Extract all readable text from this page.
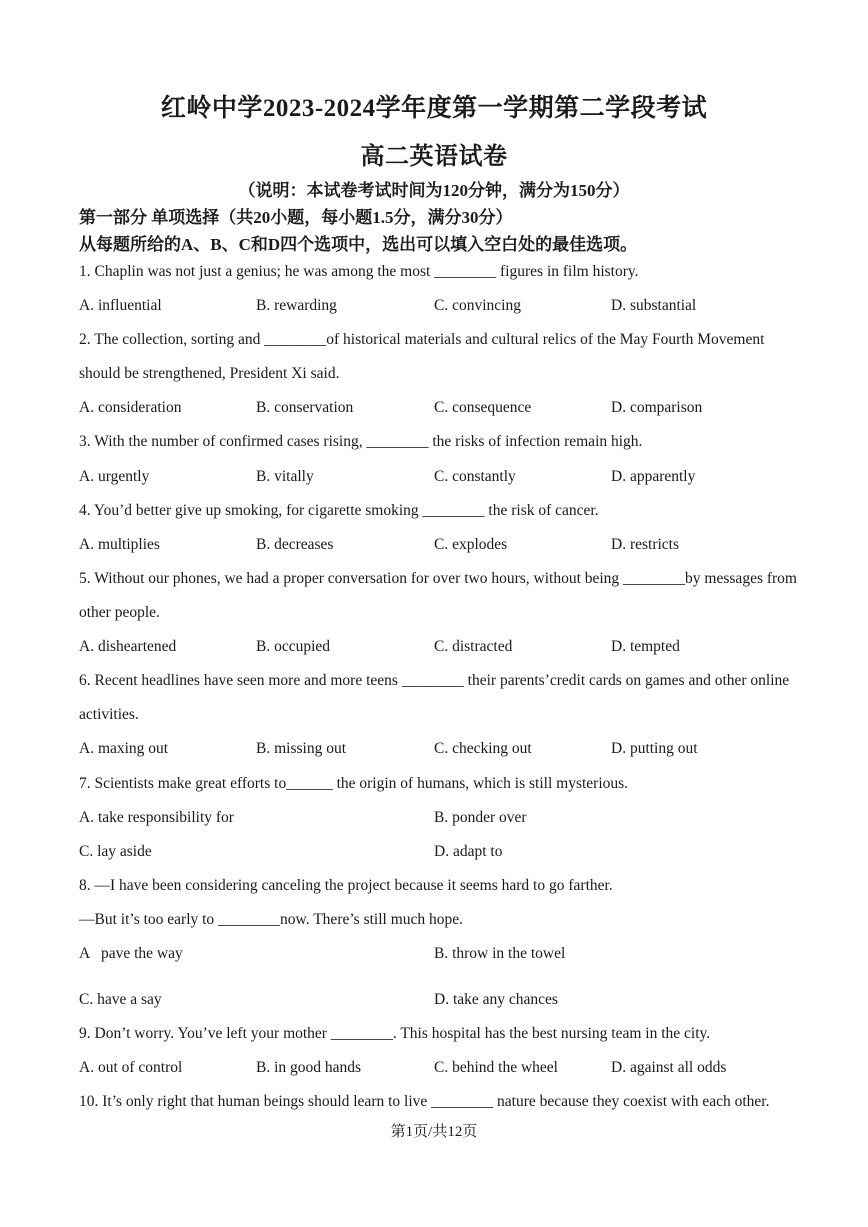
红岭中学2023-2024学年度第一学期第二学段考试
高二英语试卷
（说明：本试卷考试时间为120分钟，满分为150分）
第一部分 单项选择（共20小题，每小题1.5分，满分30分）
从每题所给的A、B、C和D四个选项中，选出可以填入空白处的最佳选项。
1. Chaplin was not just a genius; he was among the most ________ figures in film history.
A. influential	B. rewarding	C. convincing	D. substantial
2. The collection, sorting and ________of historical materials and cultural relics of the May Fourth Movement
should be strengthened, President Xi said.
A. consideration	B. conservation	C. consequence	D. comparison
3. With the number of confirmed cases rising, ________ the risks of infection remain high.
A. urgently	B. vitally	C. constantly	D. apparently
4. You’d better give up smoking, for cigarette smoking ________ the risk of cancer.
A. multiplies	B. decreases	C. explodes	D. restricts
5. Without our phones, we had a proper conversation for over two hours, without being ________by messages from
other people.
A. disheartened	B. occupied	C. distracted	D. tempted
6. Recent headlines have seen more and more teens ________ their parents’credit cards on games and other online
activities.
A. maxing out	B. missing out	C. checking out	D. putting out
7. Scientists make great efforts to______ the origin of humans, which is still mysterious.
A. take responsibility for	B. ponder over
C. lay aside	D. adapt to
8. —I have been considering canceling the project because it seems hard to go farther.
—But it’s too early to ________now. There’s still much hope.
A   pave the way	B. throw in the towel
C. have a say	D. take any chances
9. Don’t worry. You’ve left your mother ________. This hospital has the best nursing team in the city.
A. out of control	B. in good hands	C. behind the wheel	D. against all odds
10. It’s only right that human beings should learn to live ________ nature because they coexist with each other.
第1页/共12页
